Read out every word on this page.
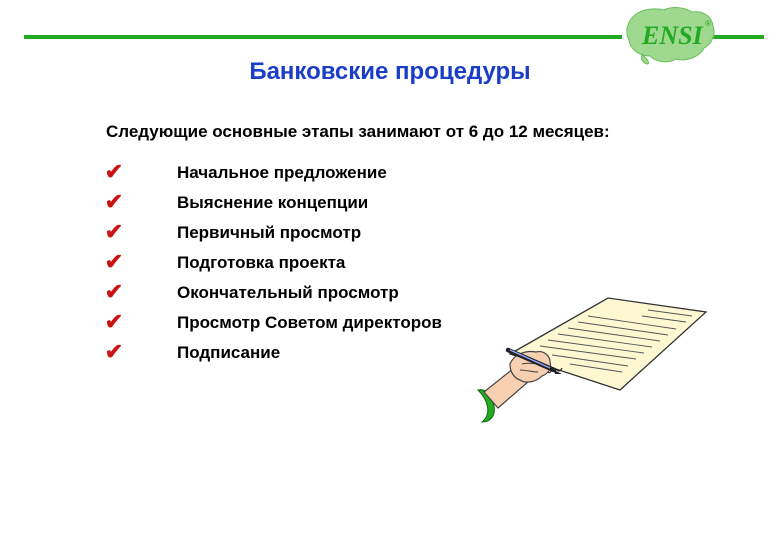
ENSI ®
Банковские процедуры
Следующие основные этапы занимают от 6 до 12 месяцев:
✔	Начальное предложение
✔	Выяснение концепции
✔	Первичный просмотр
✔	Подготовка проекта
✔	Окончательный просмотр
✔	Просмотр Советом директоров
✔	Подписание
